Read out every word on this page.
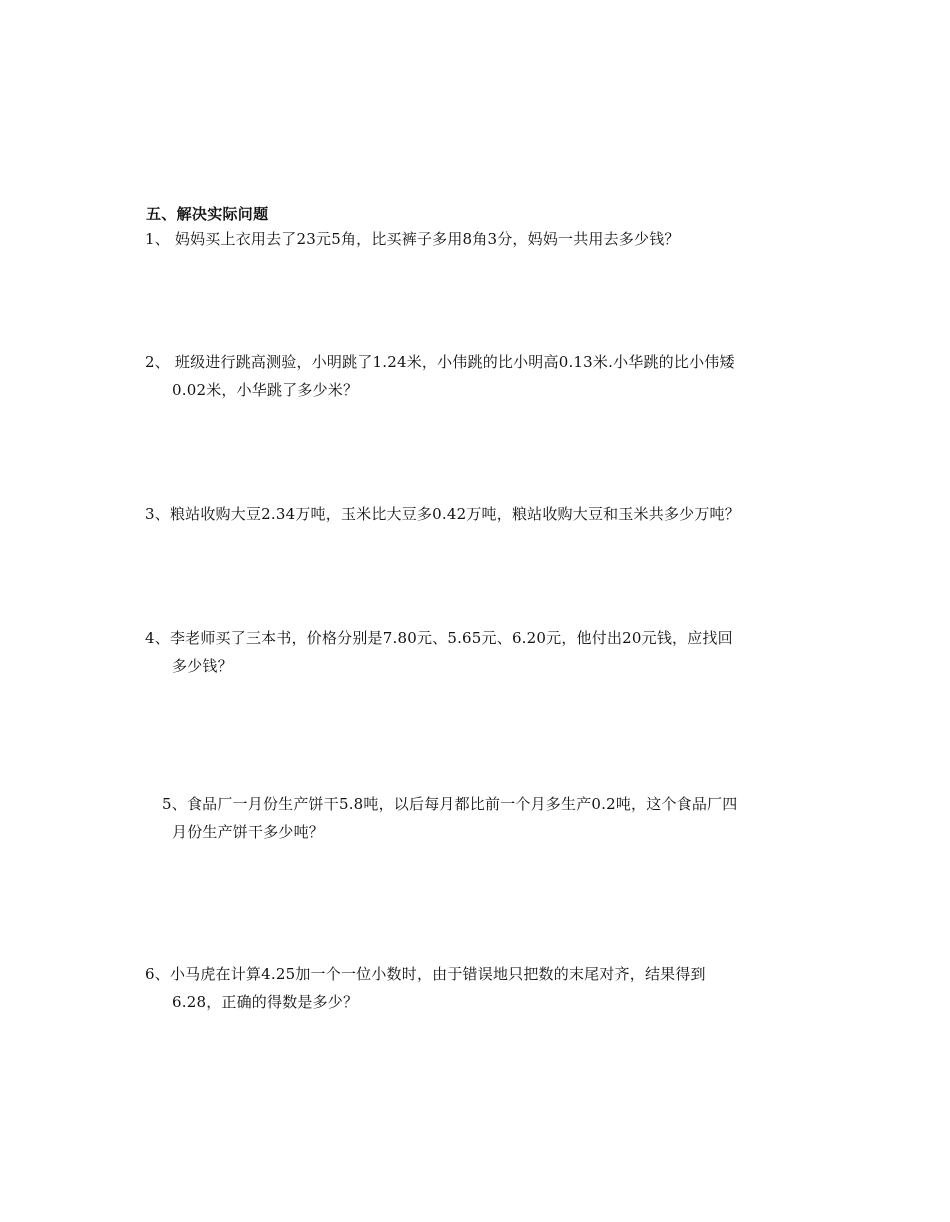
五、解决实际问题
1、 妈妈买上衣用去了23元5角，比买裤子多用8角3分，妈妈一共用去多少钱？
2、 班级进行跳高测验，小明跳了1.24米，小伟跳的比小明高0.13米.小华跳的比小伟矮
0.02米，小华跳了多少米？
3、粮站收购大豆2.34万吨，玉米比大豆多0.42万吨，粮站收购大豆和玉米共多少万吨？
4、李老师买了三本书，价格分别是7.80元、5.65元、6.20元，他付出20元钱，应找回
多少钱？
5、食品厂一月份生产饼干5.8吨，以后每月都比前一个月多生产0.2吨，这个食品厂四
月份生产饼干多少吨？
6、小马虎在计算4.25加一个一位小数时，由于错误地只把数的末尾对齐，结果得到
6.28，正确的得数是多少？
